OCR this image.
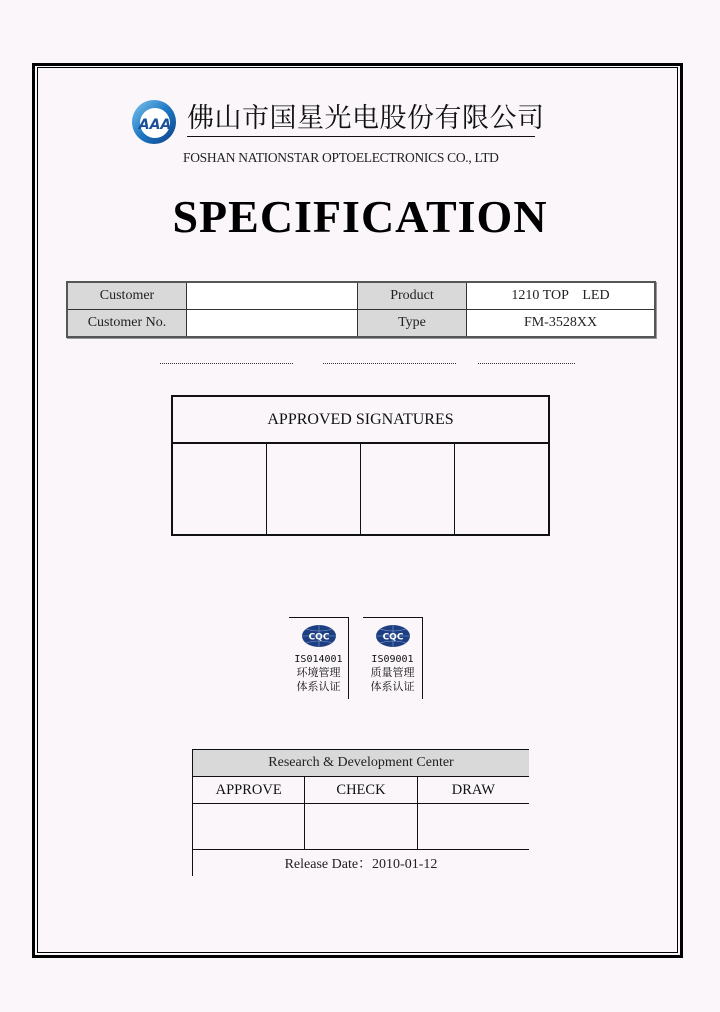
AAA 佛山市国星光电股份有限公司
FOSHAN NATIONSTAR OPTOELECTRONICS CO., LTD
SPECIFICATION
Customer		Product	1210 TOP    LED
Customer No.		Type	FM-3528XX
APPROVED SIGNATURES

CQC
IS014001
环境管理
体系认证
CQC
IS09001
质量管理
体系认证
Research & Development Center
APPROVE	CHECK	DRAW
Release Date：2010-01-12
